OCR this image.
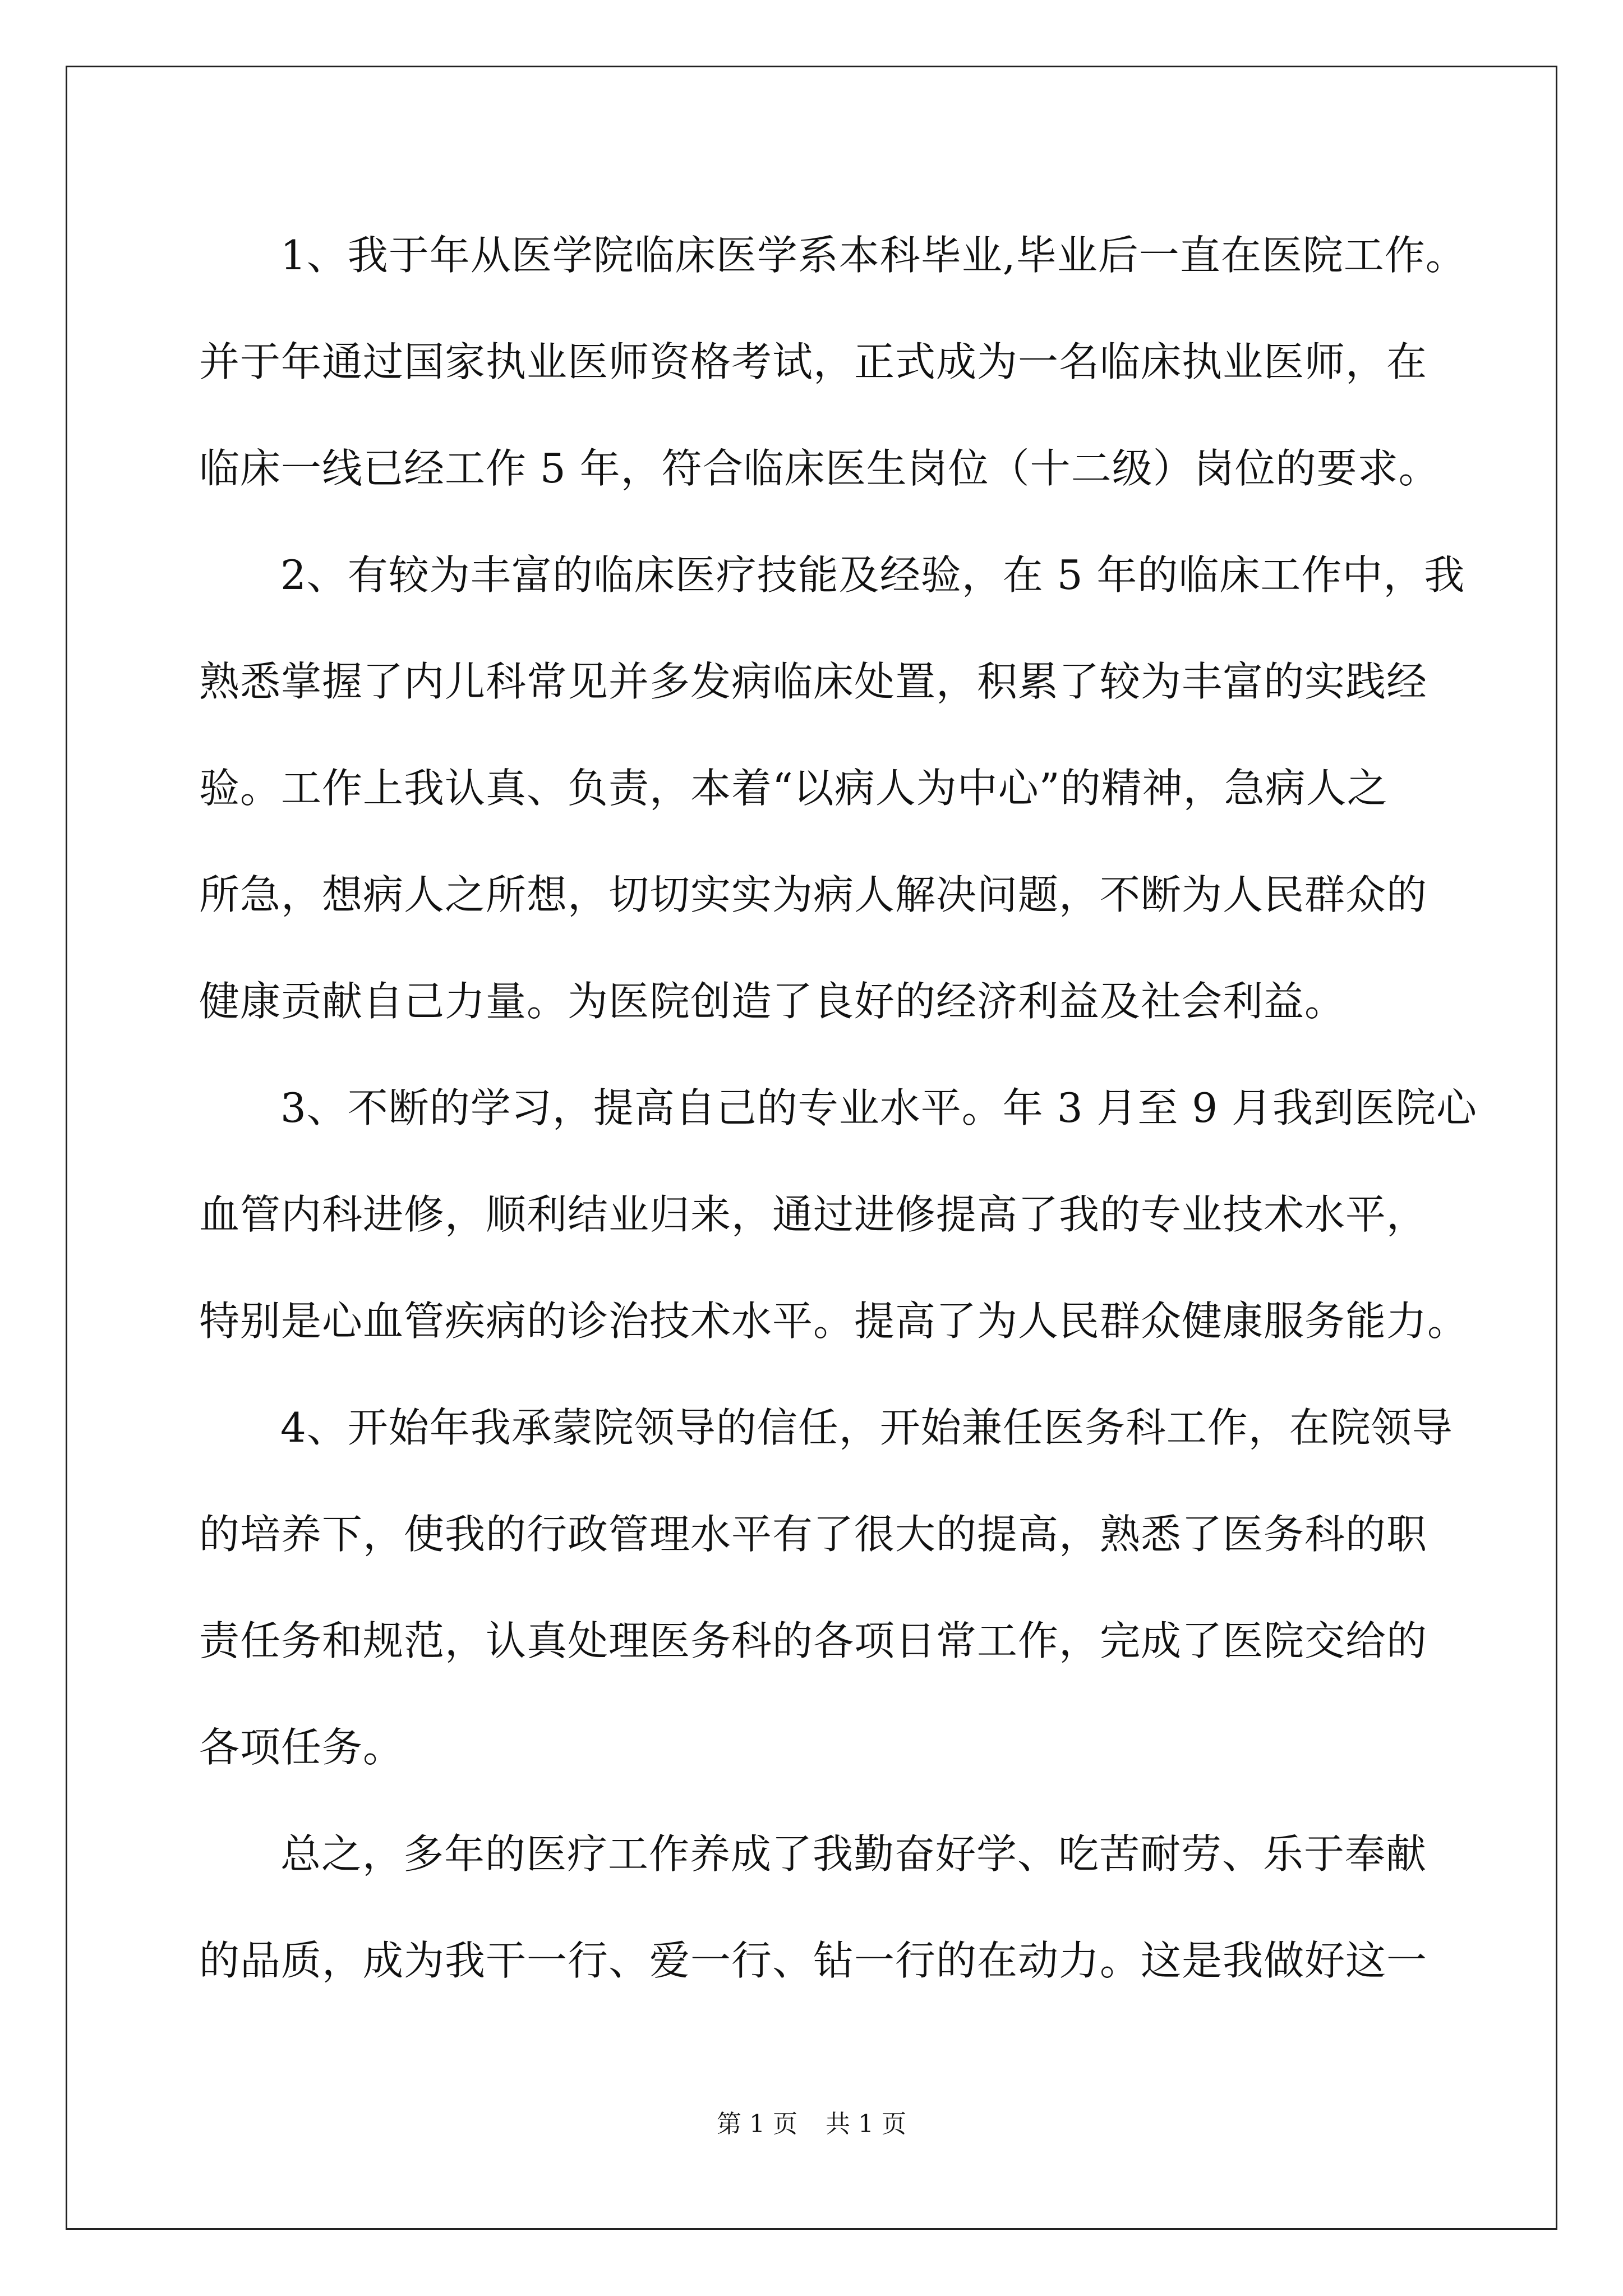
1、我于年从医学院临床医学系本科毕业,毕业后一直在医院工作。
并于年通过国家执业医师资格考试，正式成为一名临床执业医师，在
临床一线已经工作 5 年，符合临床医生岗位（十二级）岗位的要求。
2、有较为丰富的临床医疗技能及经验，在 5 年的临床工作中，我
熟悉掌握了内儿科常见并多发病临床处置，积累了较为丰富的实践经
验。工作上我认真、负责，本着“以病人为中心”的精神，急病人之
所急，想病人之所想，切切实实为病人解决问题，不断为人民群众的
健康贡献自己力量。为医院创造了良好的经济利益及社会利益。
3、不断的学习，提高自己的专业水平。年 3 月至 9 月我到医院心
血管内科进修，顺利结业归来，通过进修提高了我的专业技术水平，
特别是心血管疾病的诊治技术水平。提高了为人民群众健康服务能力。
4、开始年我承蒙院领导的信任，开始兼任医务科工作，在院领导
的培养下，使我的行政管理水平有了很大的提高，熟悉了医务科的职
责任务和规范，认真处理医务科的各项日常工作，完成了医院交给的
各项任务。
总之，多年的医疗工作养成了我勤奋好学、吃苦耐劳、乐于奉献
的品质，成为我干一行、爱一行、钻一行的在动力。这是我做好这一
第 1 页 共 1 页
